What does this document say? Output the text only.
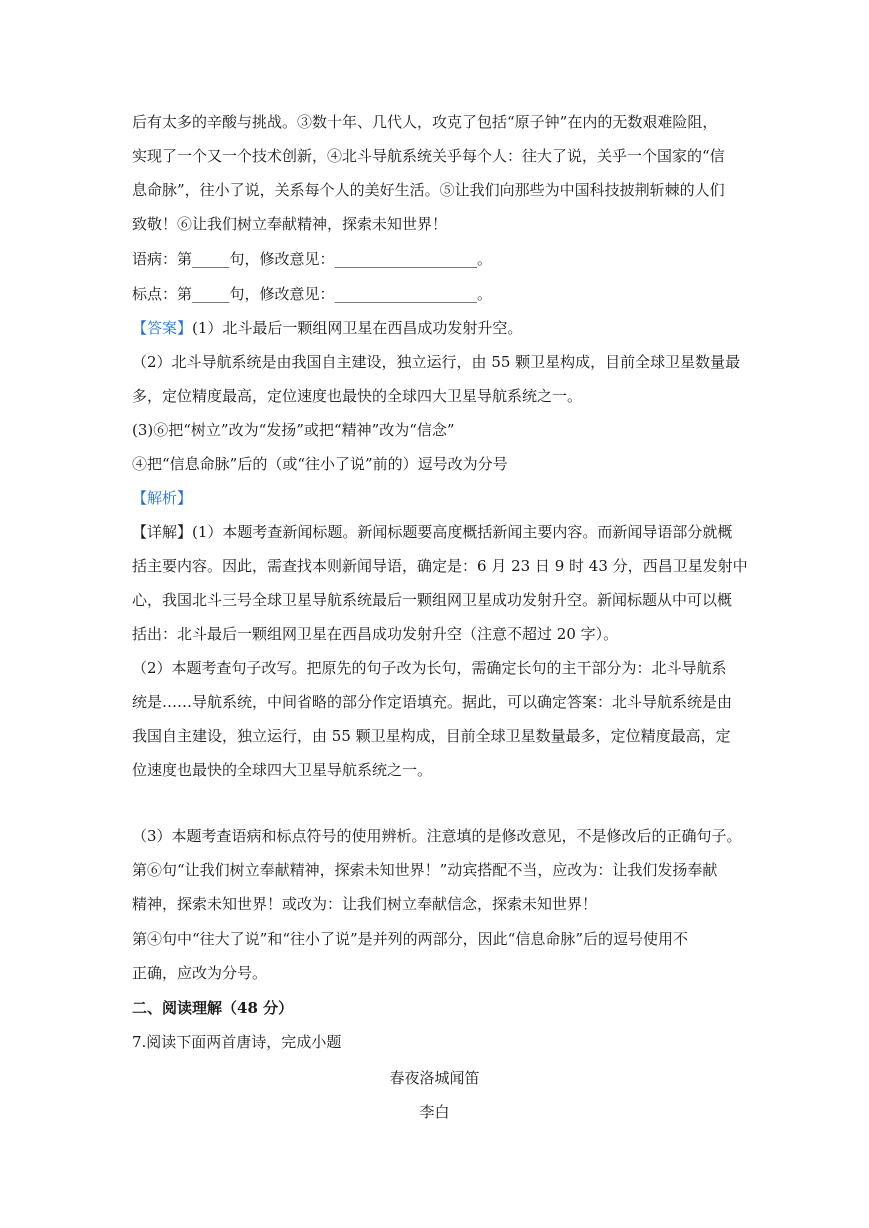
后有太多的辛酸与挑战。③数十年、几代人，攻克了包括“原子钟”在内的无数艰难险阻，
实现了一个又一个技术创新，④北斗导航系统关乎每个人：往大了说，关乎一个国家的“信
息命脉”，往小了说，关系每个人的美好生活。⑤让我们向那些为中国科技披荆斩棘的人们
致敬！⑥让我们树立奉献精神，探索未知世界！
语病：第_____句，修改意见：___________________。
标点：第_____句，修改意见：___________________。
【答案】(1）北斗最后一颗组网卫星在西昌成功发射升空。
（2）北斗导航系统是由我国自主建设，独立运行，由 55 颗卫星构成，目前全球卫星数量最
多，定位精度最高，定位速度也最快的全球四大卫星导航系统之一。
(3)⑥把“树立”改为“发扬”或把“精神”改为“信念”
④把“信息命脉”后的（或“往小了说”前的）逗号改为分号
【解析】
【详解】(1）本题考查新闻标题。新闻标题要高度概括新闻主要内容。而新闻导语部分就概
括主要内容。因此，需查找本则新闻导语，确定是：6 月 23 日 9 时 43 分，西昌卫星发射中
心，我国北斗三号全球卫星导航系统最后一颗组网卫星成功发射升空。新闻标题从中可以概
括出：北斗最后一颗组网卫星在西昌成功发射升空（注意不超过 20 字）。
（2）本题考查句子改写。把原先的句子改为长句，需确定长句的主干部分为：北斗导航系
统是……导航系统，中间省略的部分作定语填充。据此，可以确定答案：北斗导航系统是由
我国自主建设，独立运行，由 55 颗卫星构成，目前全球卫星数量最多，定位精度最高，定
位速度也最快的全球四大卫星导航系统之一。
（3）本题考查语病和标点符号的使用辨析。注意填的是修改意见，不是修改后的正确句子。
第⑥句“让我们树立奉献精神，探索未知世界！”动宾搭配不当，应改为：让我们发扬奉献
精神，探索未知世界！或改为：让我们树立奉献信念，探索未知世界！
第④句中“往大了说”和“往小了说”是并列的两部分，因此“信息命脉”后的逗号使用不
正确，应改为分号。
二、阅读理解（48 分）
7.阅读下面两首唐诗，完成小题
春夜洛城闻笛
李白
